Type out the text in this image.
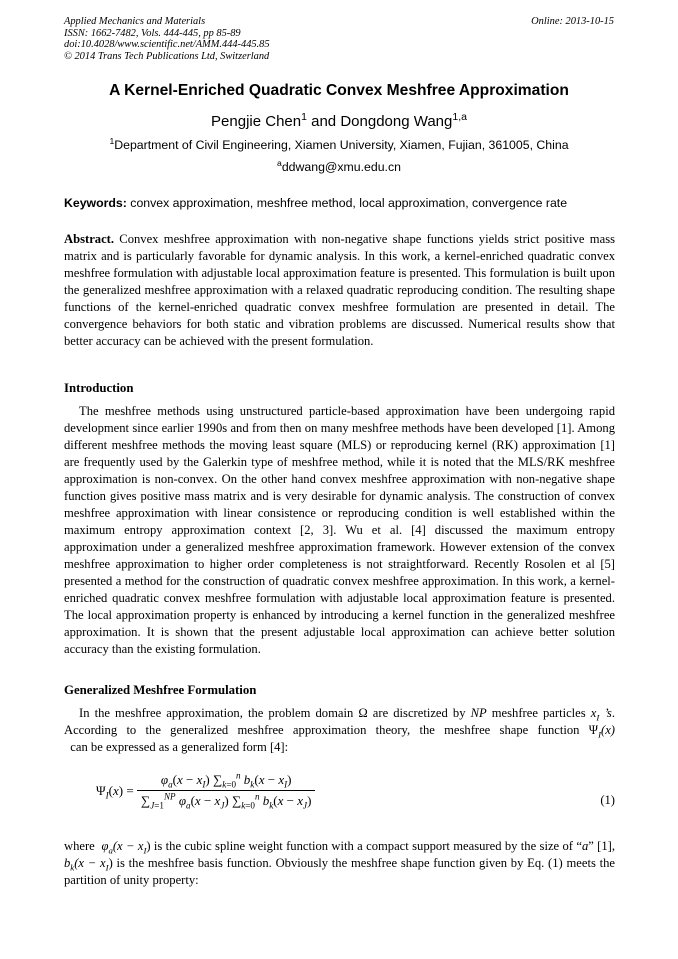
Applied Mechanics and Materials
ISSN: 1662-7482, Vols. 444-445, pp 85-89
doi:10.4028/www.scientific.net/AMM.444-445.85
© 2014 Trans Tech Publications Ltd, Switzerland
Online: 2013-10-15
A Kernel-Enriched Quadratic Convex Meshfree Approximation
Pengjie Chen$^1$ and Dongdong Wang$^{1,a}$
$^1$Department of Civil Engineering, Xiamen University, Xiamen, Fujian, 361005, China
$^a$ddwang@xmu.edu.cn
Keywords: convex approximation, meshfree method, local approximation, convergence rate
Abstract. Convex meshfree approximation with non-negative shape functions yields strict positive mass matrix and is particularly favorable for dynamic analysis. In this work, a kernel-enriched quadratic convex meshfree formulation with adjustable local approximation feature is presented. This formulation is built upon the generalized meshfree approximation with a relaxed quadratic reproducing condition. The resulting shape functions of the kernel-enriched quadratic convex meshfree formulation are presented in detail. The convergence behaviors for both static and vibration problems are discussed. Numerical results show that better accuracy can be achieved with the present formulation.
Introduction
The meshfree methods using unstructured particle-based approximation have been undergoing rapid development since earlier 1990s and from then on many meshfree methods have been developed [1]. Among different meshfree methods the moving least square (MLS) or reproducing kernel (RK) approximation [1] are frequently used by the Galerkin type of meshfree method, while it is noted that the MLS/RK meshfree approximation is non-convex. On the other hand convex meshfree approximation with non-negative shape function gives positive mass matrix and is very desirable for dynamic analysis. The construction of convex meshfree approximation with linear consistence or reproducing condition is well established within the maximum entropy approximation context [2, 3]. Wu et al. [4] discussed the maximum entropy approximation under a generalized meshfree approximation framework. However extension of the convex meshfree approximation to higher order completeness is not straightforward. Recently Rosolen et al [5] presented a method for the construction of quadratic convex meshfree approximation. In this work, a kernel-enriched quadratic convex meshfree formulation with adjustable local approximation feature is presented. The local approximation property is enhanced by introducing a kernel function in the generalized meshfree approximation. It is shown that the present adjustable local approximation can achieve better solution accuracy than the existing formulation.
Generalized Meshfree Formulation
In the meshfree approximation, the problem domain Ω are discretized by NP meshfree particles $x_I$ ’s. According to the generalized meshfree approximation theory, the meshfree shape function $\Psi_I(x)$  can be expressed as a generalized form [4]:
$\Psi_I(x) = \frac{\varphi_a(x - x_I) \sum_{k=0}^n b_k(x - x_I)}{\sum_{J=1}^{NP} \varphi_a(x - x_J) \sum_{k=0}^n b_k(x - x_J)}$	(1)
where  $\varphi_a(x - x_I)$ is the cubic spline weight function with a compact support measured by the size of “a” [1], $b_k(x - x_I)$ is the meshfree basis function. Obviously the meshfree shape function given by Eq. (1) meets the partition of unity property:
